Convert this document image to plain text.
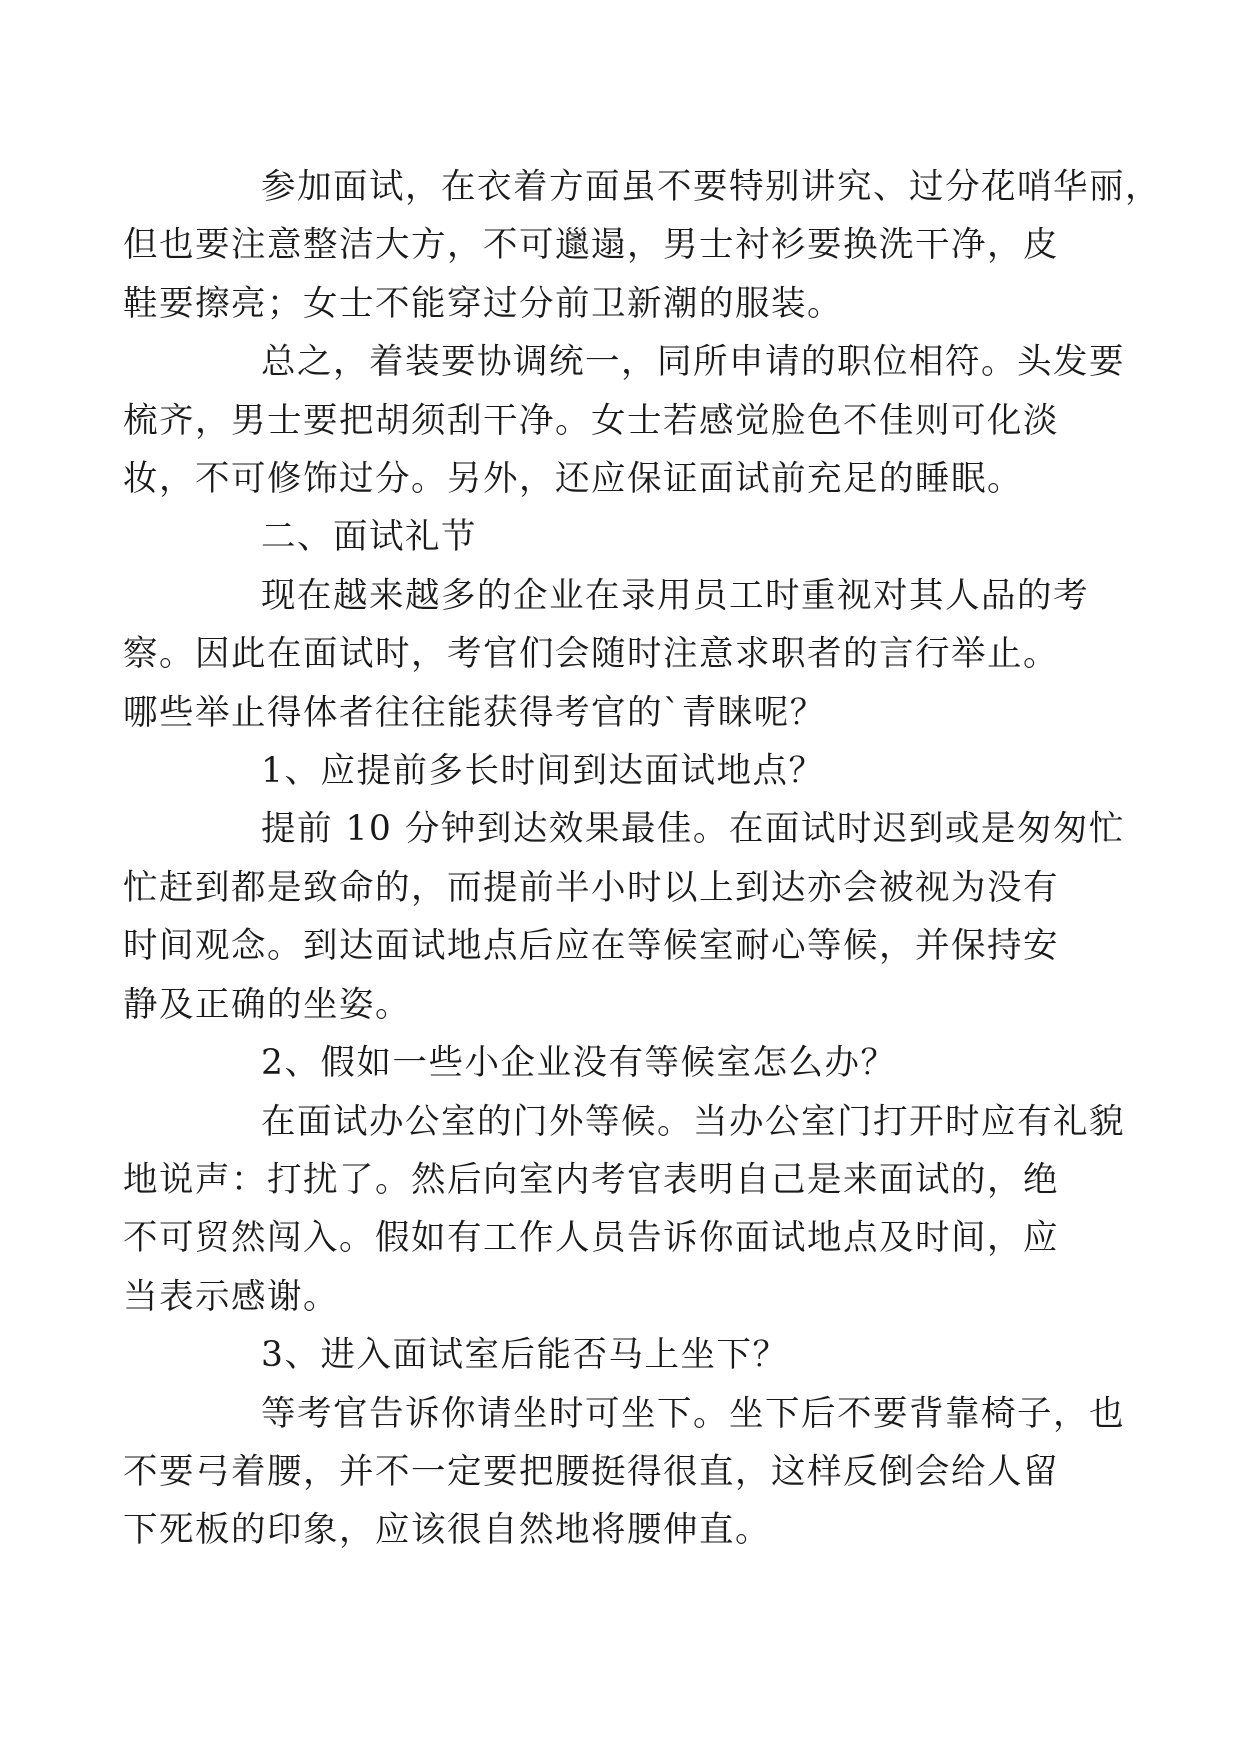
参加面试，在衣着方面虽不要特别讲究、过分花哨华丽，
但也要注意整洁大方，不可邋遢，男士衬衫要换洗干净，皮
鞋要擦亮；女士不能穿过分前卫新潮的服装。

总之，着装要协调统一，同所申请的职位相符。头发要
梳齐，男士要把胡须刮干净。女士若感觉脸色不佳则可化淡
妆，不可修饰过分。另外，还应保证面试前充足的睡眠。

二、面试礼节

现在越来越多的企业在录用员工时重视对其人品的考
察。因此在面试时，考官们会随时注意求职者的言行举止。
哪些举止得体者往往能获得考官的`青睐呢？

1、应提前多长时间到达面试地点？

提前 10 分钟到达效果最佳。在面试时迟到或是匆匆忙
忙赶到都是致命的，而提前半小时以上到达亦会被视为没有
时间观念。到达面试地点后应在等候室耐心等候，并保持安
静及正确的坐姿。

2、假如一些小企业没有等候室怎么办？

在面试办公室的门外等候。当办公室门打开时应有礼貌
地说声：打扰了。然后向室内考官表明自己是来面试的，绝
不可贸然闯入。假如有工作人员告诉你面试地点及时间，应
当表示感谢。

3、进入面试室后能否马上坐下？

等考官告诉你请坐时可坐下。坐下后不要背靠椅子，也
不要弓着腰，并不一定要把腰挺得很直，这样反倒会给人留
下死板的印象，应该很自然地将腰伸直。
